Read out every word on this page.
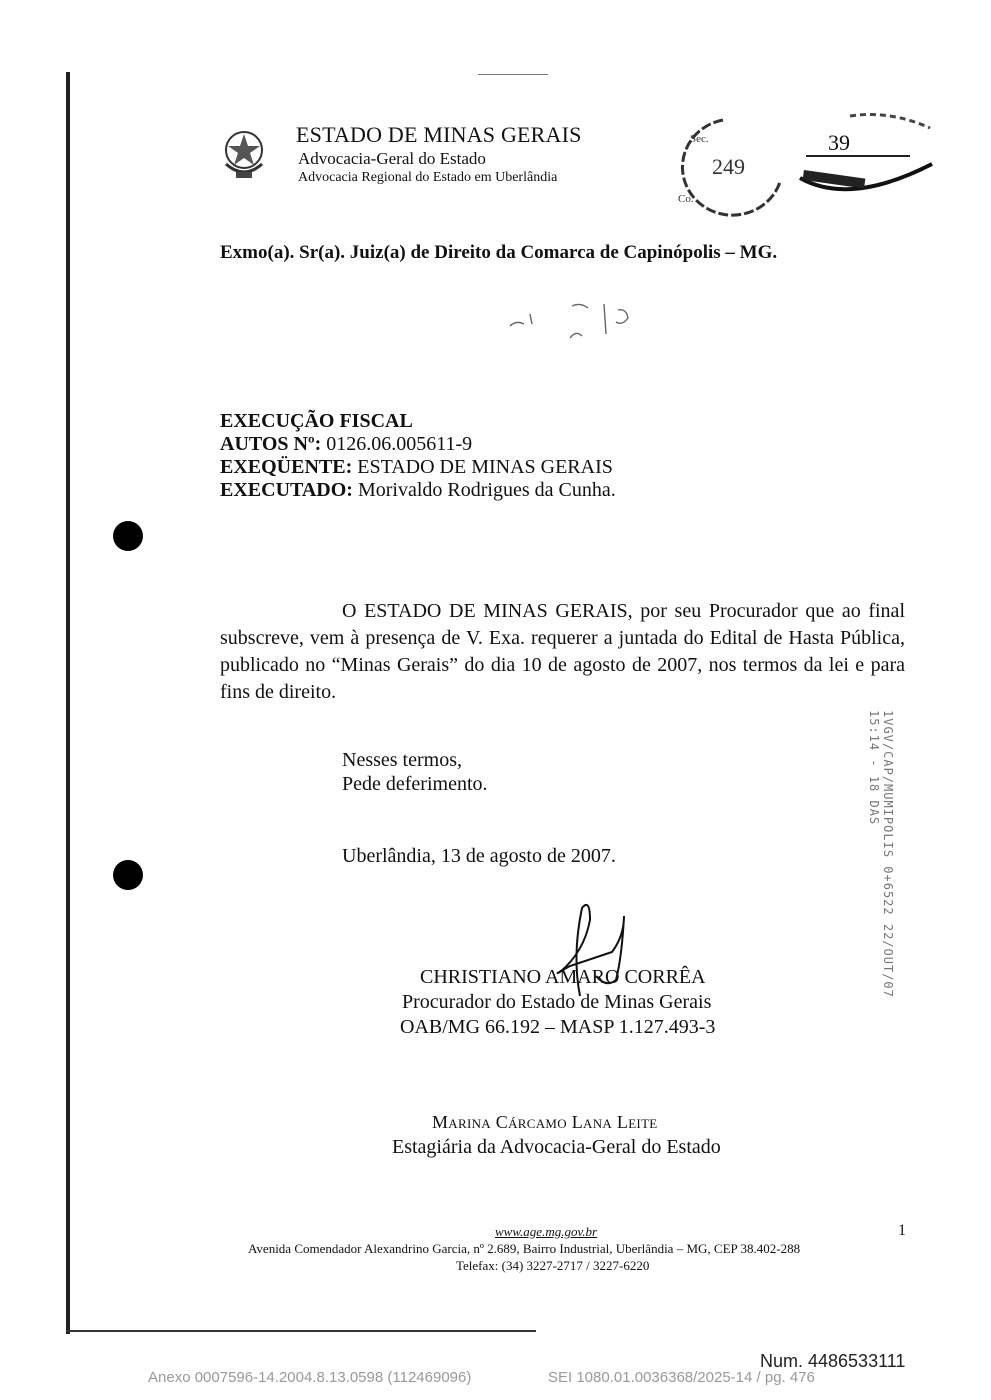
ESTADO DE MINAS GERAIS
Advocacia-Geral do Estado
Advocacia Regional do Estado em Uberlândia
Sec.
Co.
249
39
Exmo(a). Sr(a). Juiz(a) de Direito da Comarca de Capinópolis – MG.
EXECUÇÃO FISCAL
AUTOS Nº: 0126.06.005611-9
EXEQÜENTE: ESTADO DE MINAS GERAIS
EXECUTADO: Morivaldo Rodrigues da Cunha.
O ESTADO DE MINAS GERAIS, por seu Procurador que ao final subscreve, vem à presença de V. Exa. requerer a juntada do Edital de Hasta Pública, publicado no “Minas Gerais” do dia 10 de agosto de 2007, nos termos da lei e para fins de direito.
Nesses termos,
Pede deferimento.
Uberlândia, 13 de agosto de 2007.
CHRISTIANO AMARO CORRÊA
Procurador do Estado de Minas Gerais
OAB/MG 66.192 – MASP 1.127.493-3
Marina Cárcamo Lana Leite
Estagiária da Advocacia-Geral do Estado
1VGV/CAP/MUMIPOLIS 0+6522 22/OUT/07 15:14 - 18 DAS
www.age.mg.gov.br	1
Avenida Comendador Alexandrino Garcia, nº 2.689, Bairro Industrial, Uberlândia – MG, CEP 38.402-288
Telefax: (34) 3227-2717 / 3227-6220
Num. 4486533111
Anexo 0007596-14.2004.8.13.0598 (112469096)	SEI 1080.01.0036368/2025-14 / pg. 476
